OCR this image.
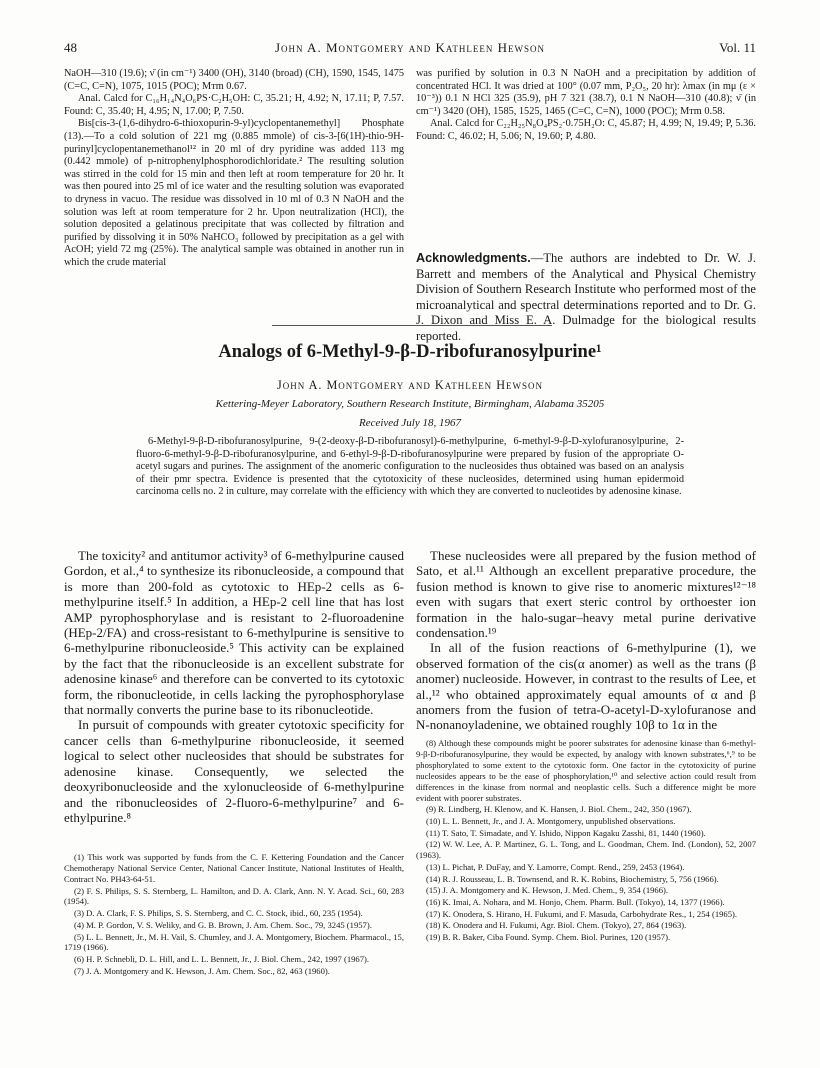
48	John A. Montgomery and Kathleen Hewson	Vol. 11

NaOH—310 (19.6); ν̄ (in cm⁻¹) 3400 (OH), 3140 (broad) (CH), 1590, 1545, 1475 (C=C, C=N), 1075, 1015 (POC); Mᴛm 0.67.

Anal. Calcd for C₁₆H₁₄N₄O₆PS·C₂H₅OH: C, 35.21; H, 4.92; N, 17.11; P, 7.57. Found: C, 35.40; H, 4.95; N, 17.00; P, 7.50.

Bis[cis-3-(1,6-dihydro-6-thioxopurin-9-yl)cyclopentanemethyl] Phosphate (13).—To a cold solution of 221 mg (0.885 mmole) of cis-3-[6(1H)-thio-9H-purinyl]cyclopentanemethanol¹² in 20 ml of dry pyridine was added 113 mg (0.442 mmole) of p-nitrophenylphosphorodichloridate.² The resulting solution was stirred in the cold for 15 min and then left at room temperature for 20 hr. It was then poured into 25 ml of ice water and the resulting solution was evaporated to dryness in vacuo. The residue was dissolved in 10 ml of 0.3 N NaOH and the solution was left at room temperature for 2 hr. Upon neutralization (HCl), the solution deposited a gelatinous precipitate that was collected by filtration and purified by dissolving it in 50% NaHCO₃ followed by precipitation as a gel with AcOH; yield 72 mg (25%). The analytical sample was obtained in another run in which the crude material

was purified by solution in 0.3 N NaOH and a precipitation by addition of concentrated HCl. It was dried at 100° (0.07 mm, P₂O₅, 20 hr): λmax (in mμ (ε × 10⁻³)) 0.1 N HCl 325 (35.9), pH 7 321 (38.7), 0.1 N NaOH—310 (40.8); ν̄ (in cm⁻¹) 3420 (OH), 1585, 1525, 1465 (C=C, C=N), 1000 (POC); Mᴛm 0.58.

Anal. Calcd for C₂₂H₂₅N₈O₄PS₂·0.75H₂O: C, 45.87; H, 4.99; N, 19.49; P, 5.36. Found: C, 46.02; H, 5.06; N, 19.60; P, 4.80.

Acknowledgments.—The authors are indebted to Dr. W. J. Barrett and members of the Analytical and Physical Chemistry Division of Southern Research Institute who performed most of the microanalytical and spectral determinations reported and to Dr. G. J. Dixon and Miss E. A. Dulmadge for the biological results reported.
Analogs of 6-Methyl-9-β-D-ribofuranosylpurine¹
John A. Montgomery and Kathleen Hewson
Kettering-Meyer Laboratory, Southern Research Institute, Birmingham, Alabama 35205
Received July 18, 1967
6-Methyl-9-β-D-ribofuranosylpurine, 9-(2-deoxy-β-D-ribofuranosyl)-6-methylpurine, 6-methyl-9-β-D-xylofuranosylpurine, 2-fluoro-6-methyl-9-β-D-ribofuranosylpurine, and 6-ethyl-9-β-D-ribofuranosylpurine were prepared by fusion of the appropriate O-acetyl sugars and purines. The assignment of the anomeric configuration to the nucleosides thus obtained was based on an analysis of their pmr spectra. Evidence is presented that the cytotoxicity of these nucleosides, determined using human epidermoid carcinoma cells no. 2 in culture, may correlate with the efficiency with which they are converted to nucleotides by adenosine kinase.

The toxicity² and antitumor activity³ of 6-methylpurine caused Gordon, et al.,⁴ to synthesize its ribonucleoside, a compound that is more than 200-fold as cytotoxic to HEp-2 cells as 6-methylpurine itself.⁵ In addition, a HEp-2 cell line that has lost AMP pyrophosphorylase and is resistant to 2-fluoroadenine (HEp-2/FA) and cross-resistant to 6-methylpurine is sensitive to 6-methylpurine ribonucleoside.⁵ This activity can be explained by the fact that the ribonucleoside is an excellent substrate for adenosine kinase⁶ and therefore can be converted to its cytotoxic form, the ribonucleotide, in cells lacking the pyrophosphorylase that normally converts the purine base to its ribonucleotide.

In pursuit of compounds with greater cytotoxic specificity for cancer cells than 6-methylpurine ribonucleoside, it seemed logical to select other nucleosides that should be substrates for adenosine kinase. Consequently, we selected the deoxyribonucleoside and the xylonucleoside of 6-methylpurine and the ribonucleosides of 2-fluoro-6-methylpurine⁷ and 6-ethylpurine.⁸

These nucleosides were all prepared by the fusion method of Sato, et al.¹¹ Although an excellent preparative procedure, the fusion method is known to give rise to anomeric mixtures¹²⁻¹⁸ even with sugars that exert steric control by orthoester ion formation in the halo-sugar–heavy metal purine derivative condensation.¹⁹

In all of the fusion reactions of 6-methylpurine (1), we observed formation of the cis(α anomer) as well as the trans (β anomer) nucleoside. However, in contrast to the results of Lee, et al.,¹² who obtained approximately equal amounts of α and β anomers from the fusion of tetra-O-acetyl-D-xylofuranose and N-nonanoyladenine, we obtained roughly 10β to 1α in the

(1) This work was supported by funds from the C. F. Kettering Foundation and the Cancer Chemotherapy National Service Center, National Cancer Institute, National Institutes of Health, Contract No. PH43-64-51.

(2) F. S. Philips, S. S. Sternberg, L. Hamilton, and D. A. Clark, Ann. N. Y. Acad. Sci., 60, 283 (1954).

(3) D. A. Clark, F. S. Philips, S. S. Sternberg, and C. C. Stock, ibid., 60, 235 (1954).

(4) M. P. Gordon, V. S. Weliky, and G. B. Brown, J. Am. Chem. Soc., 79, 3245 (1957).

(5) L. L. Bennett, Jr., M. H. Vail, S. Chumley, and J. A. Montgomery, Biochem. Pharmacol., 15, 1719 (1966).

(6) H. P. Schnebli, D. L. Hill, and L. L. Bennett, Jr., J. Biol. Chem., 242, 1997 (1967).

(7) J. A. Montgomery and K. Hewson, J. Am. Chem. Soc., 82, 463 (1960).

(8) Although these compounds might be poorer substrates for adenosine kinase than 6-methyl-9-β-D-ribofuranosylpurine, they would be expected, by analogy with known substrates,⁶,⁹ to be phosphorylated to some extent to the cytotoxic form. One factor in the cytotoxicity of purine nucleosides appears to be the ease of phosphorylation,¹⁰ and selective action could result from differences in the kinase from normal and neoplastic cells. Such a difference might be more evident with poorer substrates.

(9) R. Lindberg, H. Klenow, and K. Hansen, J. Biol. Chem., 242, 350 (1967).

(10) L. L. Bennett, Jr., and J. A. Montgomery, unpublished observations.

(11) T. Sato, T. Simadate, and Y. Ishido, Nippon Kagaku Zasshi, 81, 1440 (1960).

(12) W. W. Lee, A. P. Martinez, G. L. Tong, and L. Goodman, Chem. Ind. (London), 52, 2007 (1963).

(13) L. Pichat, P. DuFay, and Y. Lamorre, Compt. Rend., 259, 2453 (1964).

(14) R. J. Rousseau, L. B. Townsend, and R. K. Robins, Biochemistry, 5, 756 (1966).

(15) J. A. Montgomery and K. Hewson, J. Med. Chem., 9, 354 (1966).

(16) K. Imai, A. Nohara, and M. Honjo, Chem. Pharm. Bull. (Tokyo), 14, 1377 (1966).

(17) K. Onodera, S. Hirano, H. Fukumi, and F. Masuda, Carbohydrate Res., 1, 254 (1965).

(18) K. Onodera and H. Fukumi, Agr. Biol. Chem. (Tokyo), 27, 864 (1963).

(19) B. R. Baker, Ciba Found. Symp. Chem. Biol. Purines, 120 (1957).
